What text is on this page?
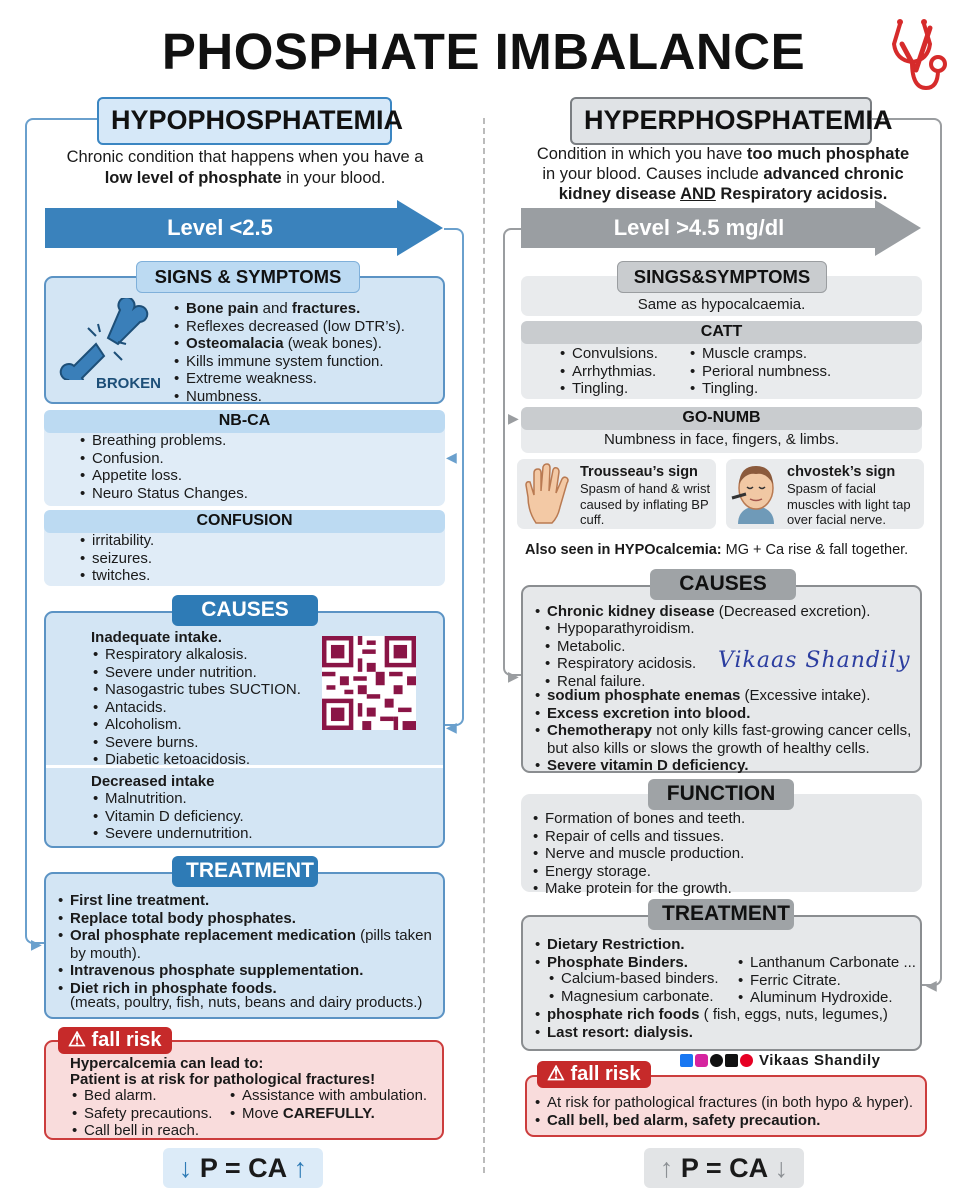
PHOSPHATE IMBALANCE
◀
◀
▶
▶
▶
◀
HYPOPHOSPHATEMIA
Chronic condition that happens when you have a
low level of phosphate in your blood.
Level <2.5
SIGNS & SYMPTOMS
BROKEN
• Bone pain and fractures.
• Reflexes decreased (low DTR’s).
• Osteomalacia (weak bones).
• Kills immune system function.
• Extreme weakness.
• Numbness.
NB-CA
• Breathing problems.
• Confusion.
• Appetite loss.
• Neuro Status Changes.
CONFUSION
• irritability.
• seizures.
• twitches.
CAUSES
Inadequate intake.
• Respiratory alkalosis.
• Severe under nutrition.
• Nasogastric tubes SUCTION.
• Antacids.
• Alcoholism.
• Severe burns.
• Diabetic ketoacidosis.
Decreased intake
• Malnutrition.
• Vitamin D deficiency.
• Severe undernutrition.
TREATMENT
• First line treatment.
• Replace total body phosphates.
• Oral phosphate replacement medication (pills taken by mouth).
• Intravenous phosphate supplementation.
• Diet rich in phosphate foods.
(meats, poultry, fish, nuts, beans and dairy products.)
⚠ fall risk
Hypercalcemia can lead to:
Patient is at risk for pathological fractures!
• Bed alarm.
• Safety precautions.
• Call bell in reach.
• Assistance with ambulation.
• Move CAREFULLY.
↓ P = CA ↑
HYPERPHOSPHATEMIA
Condition in which you have too much phosphate
in your blood. Causes include advanced chronic
kidney disease AND Respiratory acidosis.
Level >4.5 mg/dl
SINGS&SYMPTOMS
Same as hypocalcaemia.
CATT
• Convulsions.
• Arrhythmias.
• Tingling.
• Muscle cramps.
• Perioral numbness.
• Tingling.
GO-NUMB
Numbness in face, fingers, & limbs.
Trousseau’s sign
Spasm of hand & wrist caused by inflating BP cuff.
chvostek’s sign
Spasm of facial muscles with light tap over facial nerve.
Also seen in HYPOcalcemia: MG + Ca rise & fall together.
CAUSES
• Chronic kidney disease (Decreased excretion).
• Hypoparathyroidism.
• Metabolic.
• Respiratory acidosis.
• Renal failure.
Vikaas Shandily
• sodium phosphate enemas (Excessive intake).
• Excess excretion into blood.
• Chemotherapy not only kills fast-growing cancer cells, but also kills or slows the growth of healthy cells.
• Severe vitamin D deficiency.
FUNCTION
• Formation of bones and teeth.
• Repair of cells and tissues.
• Nerve and muscle production.
• Energy storage.
• Make protein for the growth.
TREATMENT
• Dietary Restriction.
• Phosphate Binders.
• Calcium-based binders.
• Magnesium carbonate.
• Lanthanum Carbonate ...
• Ferric Citrate.
• Aluminum Hydroxide.
• phosphate rich foods ( fish, eggs, nuts, legumes,)
• Last resort: dialysis.
Vikaas Shandily
⚠ fall risk
• At risk for pathological fractures (in both hypo & hyper).
• Call bell, bed alarm, safety precaution.
↑ P = CA ↓
